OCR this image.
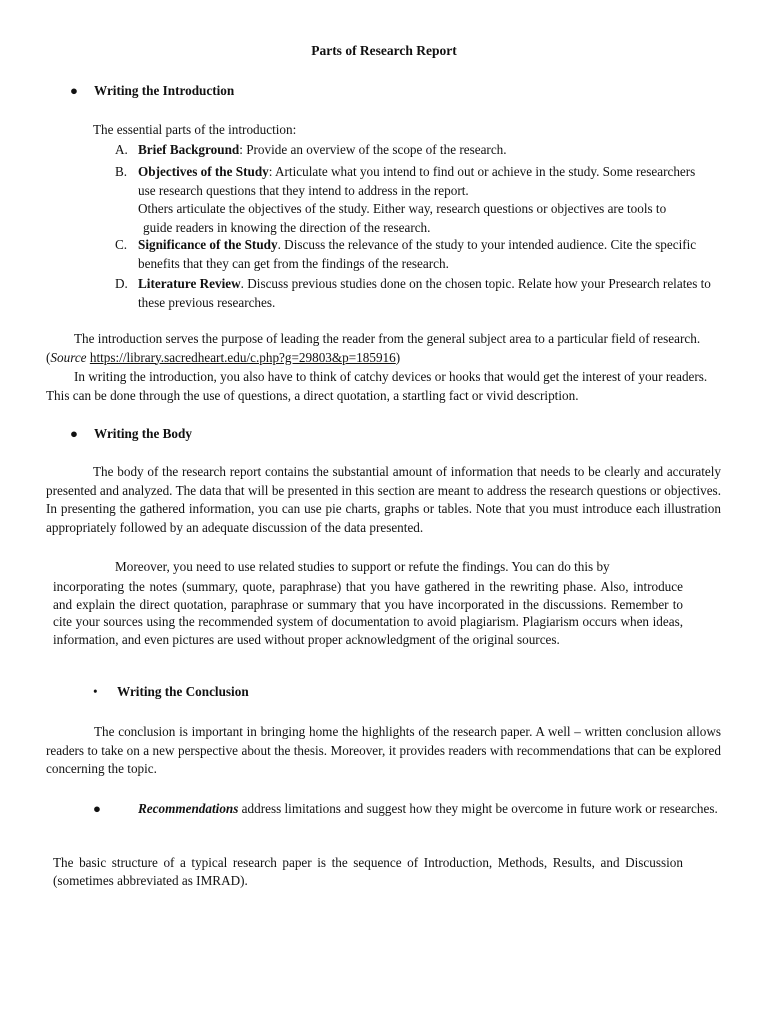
Parts of Research Report
● Writing the Introduction
The essential parts of the introduction:
A. Brief Background: Provide an overview of the scope of the research.
B. Objectives of the Study: Articulate what you intend to find out or achieve in the study. Some researchers use research questions that they intend to address in the report.
Others articulate the objectives of the study. Either way, research questions or objectives are tools to
guide readers in knowing the direction of the research.
C. Significance of the Study. Discuss the relevance of the study to your intended audience. Cite the specific benefits that they can get from the findings of the research.
D. Literature Review. Discuss previous studies done on the chosen topic. Relate how your Presearch relates to these previous researches.
The introduction serves the purpose of leading the reader from the general subject area to a particular field of research. (Source https://library.sacredheart.edu/c.php?g=29803&p=185916)
In writing the introduction, you also have to think of catchy devices or hooks that would get the interest of your readers. This can be done through the use of questions, a direct quotation, a startling fact or vivid description.
● Writing the Body
The body of the research report contains the substantial amount of information that needs to be clearly and accurately presented and analyzed. The data that will be presented in this section are meant to address the research questions or objectives. In presenting the gathered information, you can use pie charts, graphs or tables. Note that you must introduce each illustration appropriately followed by an adequate discussion of the data presented.
Moreover, you need to use related studies to support or refute the findings. You can do this by
incorporating the notes (summary, quote, paraphrase) that you have gathered in the rewriting phase. Also, introduce and explain the direct quotation, paraphrase or summary that you have incorporated in the discussions. Remember to cite your sources using the recommended system of documentation to avoid plagiarism. Plagiarism occurs when ideas, information, and even pictures are used without proper acknowledgment of the original sources.
• Writing the Conclusion
The conclusion is important in bringing home the highlights of the research paper. A well – written conclusion allows readers to take on a new perspective about the thesis. Moreover, it provides readers with recommendations that can be explored concerning the topic.
●	Recommendations address limitations and suggest how they might be overcome in future work or researches.
The basic structure of a typical research paper is the sequence of Introduction, Methods, Results, and Discussion (sometimes abbreviated as IMRAD).
